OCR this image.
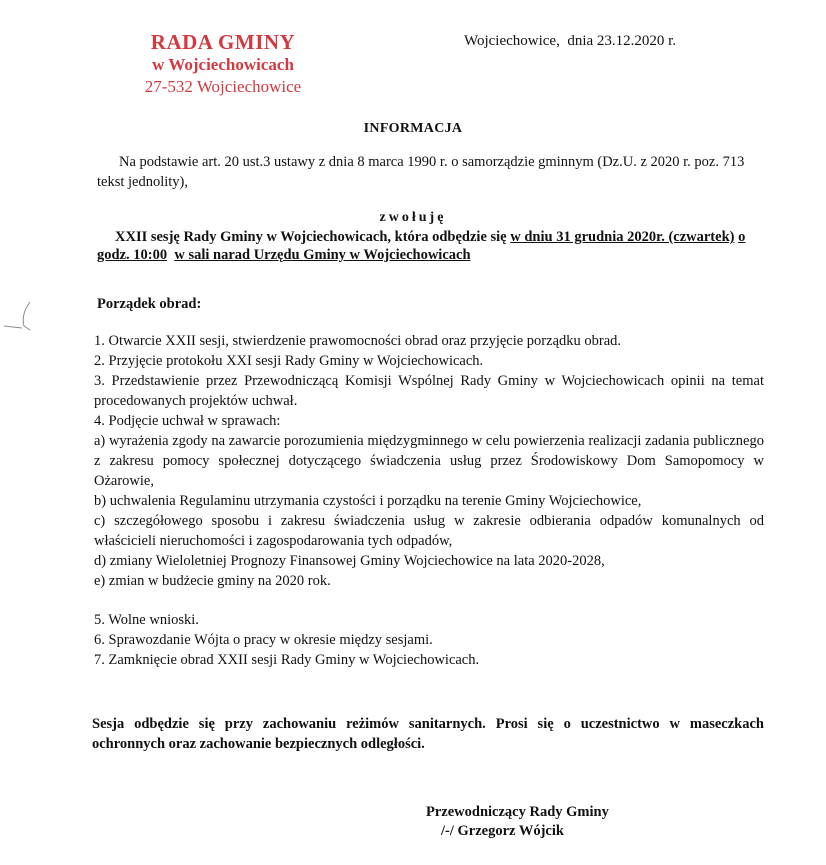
RADA GMINY
w Wojciechowicach
27-532 Wojciechowice
Wojciechowice,  dnia 23.12.2020 r.
INFORMACJA
Na podstawie art. 20 ust.3 ustawy z dnia 8 marca 1990 r. o samorządzie gminnym (Dz.U. z 2020 r. poz. 713 tekst jednolity),
zwołuję
XXII sesję Rady Gminy w Wojciechowicach, która odbędzie się w dniu 31 grudnia 2020r. (czwartek) o godz. 10:00 w sali narad Urzędu Gminy w Wojciechowicach
Porządek obrad:

1. Otwarcie XXII sesji, stwierdzenie prawomocności obrad oraz przyjęcie porządku obrad.

2. Przyjęcie protokołu XXI sesji Rady Gminy w Wojciechowicach.

3. Przedstawienie przez Przewodniczącą Komisji Wspólnej Rady Gminy w Wojciechowicach opinii na temat procedowanych projektów uchwał.

4. Podjęcie uchwał w sprawach:

a) wyrażenia zgody na zawarcie porozumienia międzygminnego w celu powierzenia realizacji zadania publicznego z zakresu pomocy społecznej dotyczącego świadczenia usług przez Środowiskowy Dom Samopomocy w Ożarowie,

b) uchwalenia Regulaminu utrzymania czystości i porządku na terenie Gminy Wojciechowice,

c) szczegółowego sposobu i zakresu świadczenia usług w zakresie odbierania odpadów komunalnych od właścicieli nieruchomości i zagospodarowania tych odpadów,

d) zmiany Wieloletniej Prognozy Finansowej Gminy Wojciechowice na lata 2020-2028,

e) zmian w budżecie gminy na 2020 rok.

5. Wolne wnioski.

6. Sprawozdanie Wójta o pracy w okresie między sesjami.

7. Zamknięcie obrad XXII sesji Rady Gminy w Wojciechowicach.

Sesja odbędzie się przy zachowaniu reżimów sanitarnych. Prosi się o uczestnictwo w maseczkach ochronnych oraz zachowanie bezpiecznych odległości.
Przewodniczący Rady Gminy
/-/ Grzegorz Wójcik
